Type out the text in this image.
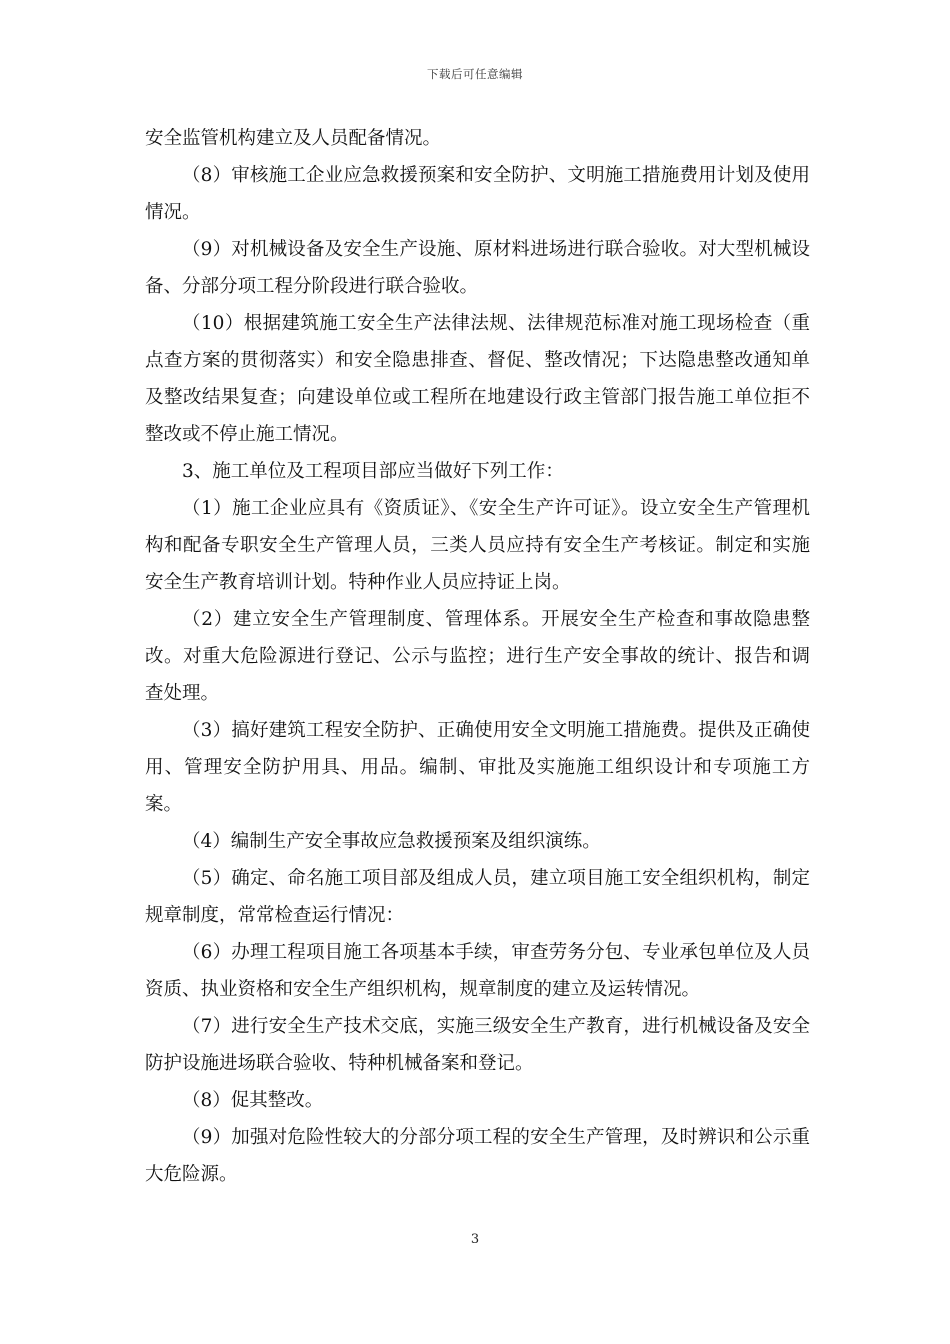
下载后可任意编辑

安全监管机构建立及人员配备情况。

（8）审核施工企业应急救援预案和安全防护、文明施工措施费用计划及使用情况。

（9）对机械设备及安全生产设施、原材料进场进行联合验收。对大型机械设备、分部分项工程分阶段进行联合验收。

（10）根据建筑施工安全生产法律法规、法律规范标准对施工现场检查（重点查方案的贯彻落实）和安全隐患排查、督促、整改情况；下达隐患整改通知单及整改结果复查；向建设单位或工程所在地建设行政主管部门报告施工单位拒不整改或不停止施工情况。

3、施工单位及工程项目部应当做好下列工作：

（1）施工企业应具有《资质证》、《安全生产许可证》。设立安全生产管理机构和配备专职安全生产管理人员，三类人员应持有安全生产考核证。制定和实施安全生产教育培训计划。特种作业人员应持证上岗。

（2）建立安全生产管理制度、管理体系。开展安全生产检查和事故隐患整改。对重大危险源进行登记、公示与监控；进行生产安全事故的统计、报告和调查处理。

（3）搞好建筑工程安全防护、正确使用安全文明施工措施费。提供及正确使用、管理安全防护用具、用品。编制、审批及实施施工组织设计和专项施工方案。

（4）编制生产安全事故应急救援预案及组织演练。

（5）确定、命名施工项目部及组成人员，建立项目施工安全组织机构，制定规章制度，常常检查运行情况：

（6）办理工程项目施工各项基本手续，审查劳务分包、专业承包单位及人员资质、执业资格和安全生产组织机构，规章制度的建立及运转情况。

（7）进行安全生产技术交底，实施三级安全生产教育，进行机械设备及安全防护设施进场联合验收、特种机械备案和登记。

（8）促其整改。

（9）加强对危险性较大的分部分项工程的安全生产管理，及时辨识和公示重大危险源。

3
